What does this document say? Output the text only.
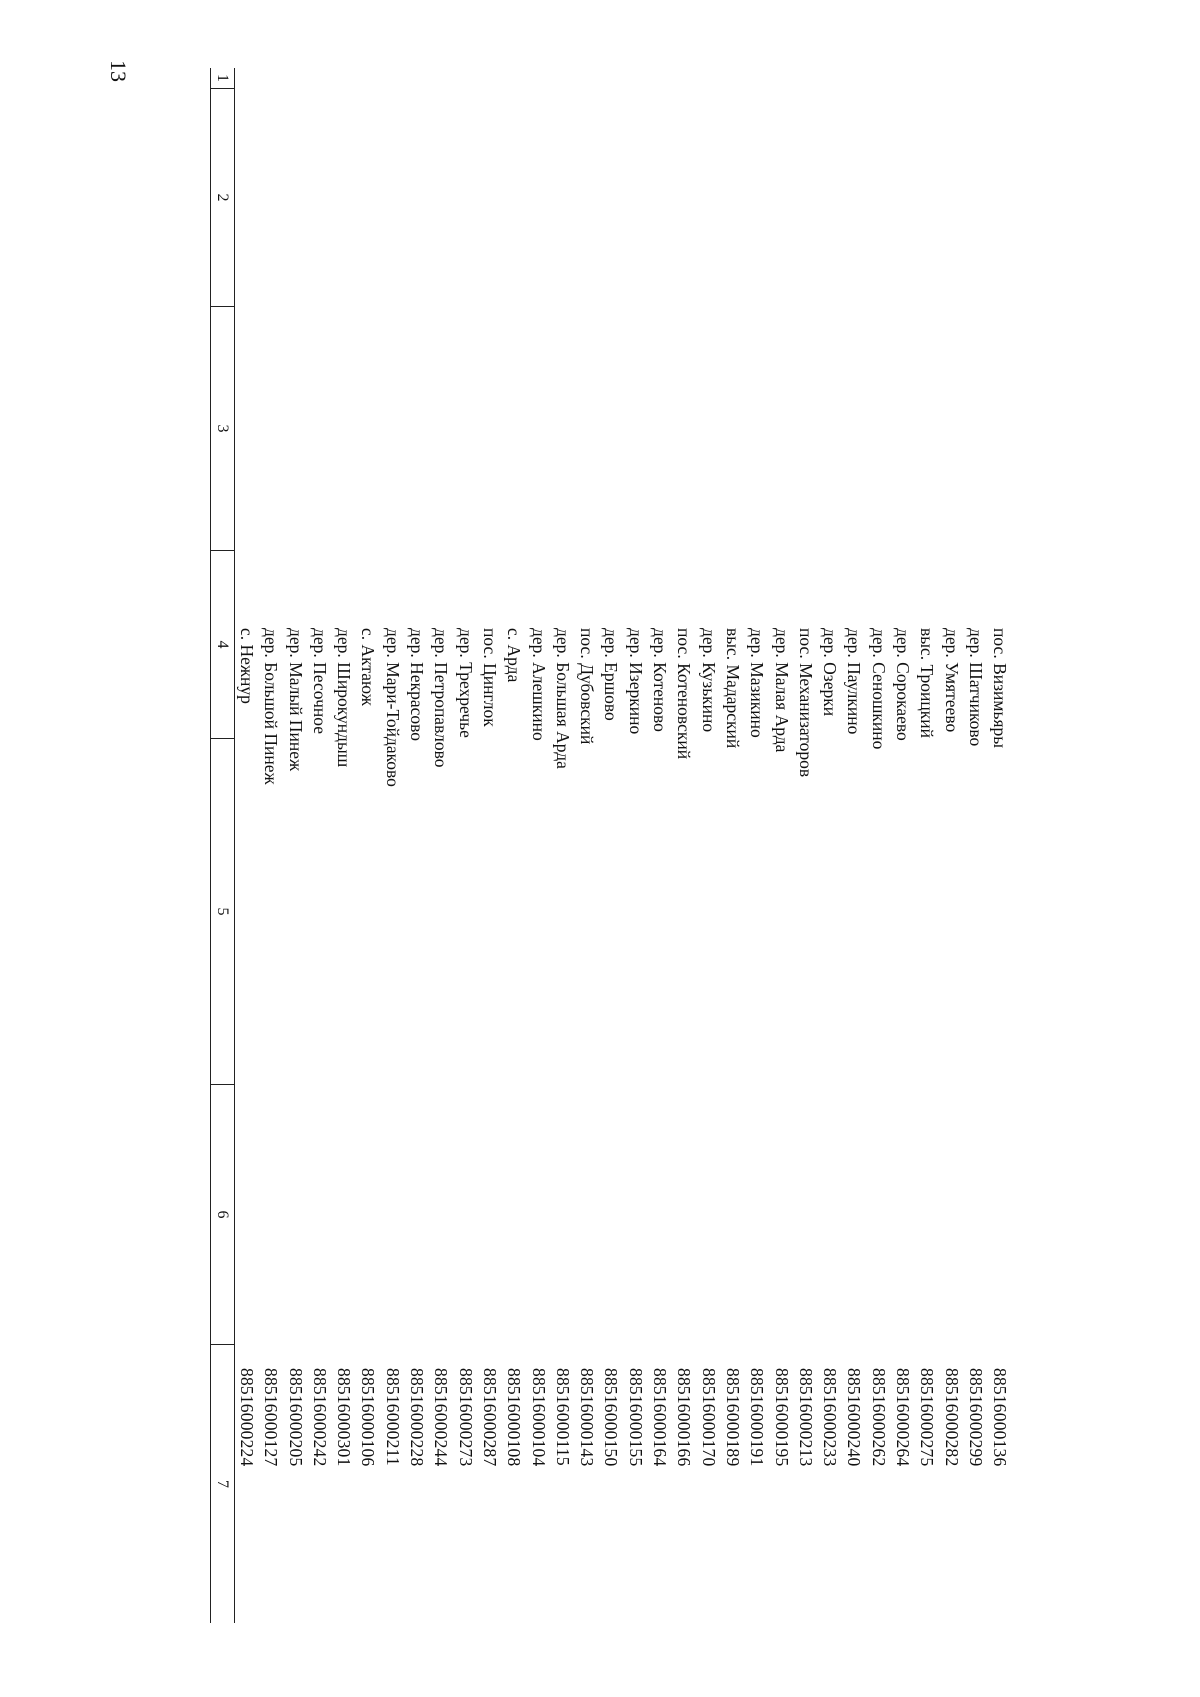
13	1
2
3
4
5
6
7
с. Нежнур
88516000224
дер. Большой Пинеж
88516000127
дер. Малый Пинеж
88516000205
дер. Песочное
88516000242
дер. Широкундыш
88516000301
с. Актаюж
88516000106
дер. Мари-Тойдаково
88516000211
дер. Некрасово
88516000228
дер. Петропавлово
88516000244
дер. Трехречье
88516000273
пос. Цинглок
88516000287
с. Арда
88516000108
дер. Алешкино
88516000104
дер. Большая Арда
88516000115
пос. Дубовский
88516000143
дер. Ершово
88516000150
дер. Изеркино
88516000155
дер. Котеново
88516000164
пос. Котеновский
88516000166
дер. Кузькино
88516000170
выс. Мадарский
88516000189
дер. Мазикино
88516000191
дер. Малая Арда
88516000195
пос. Механизаторов
88516000213
дер. Озерки
88516000233
дер. Паулкино
88516000240
дер. Сеношкино
88516000262
дер. Сорокаево
88516000264
выс. Троицкий
88516000275
дер. Умятеево
88516000282
дер. Шатчиково
88516000299
пос. Визимьяры
88516000136
